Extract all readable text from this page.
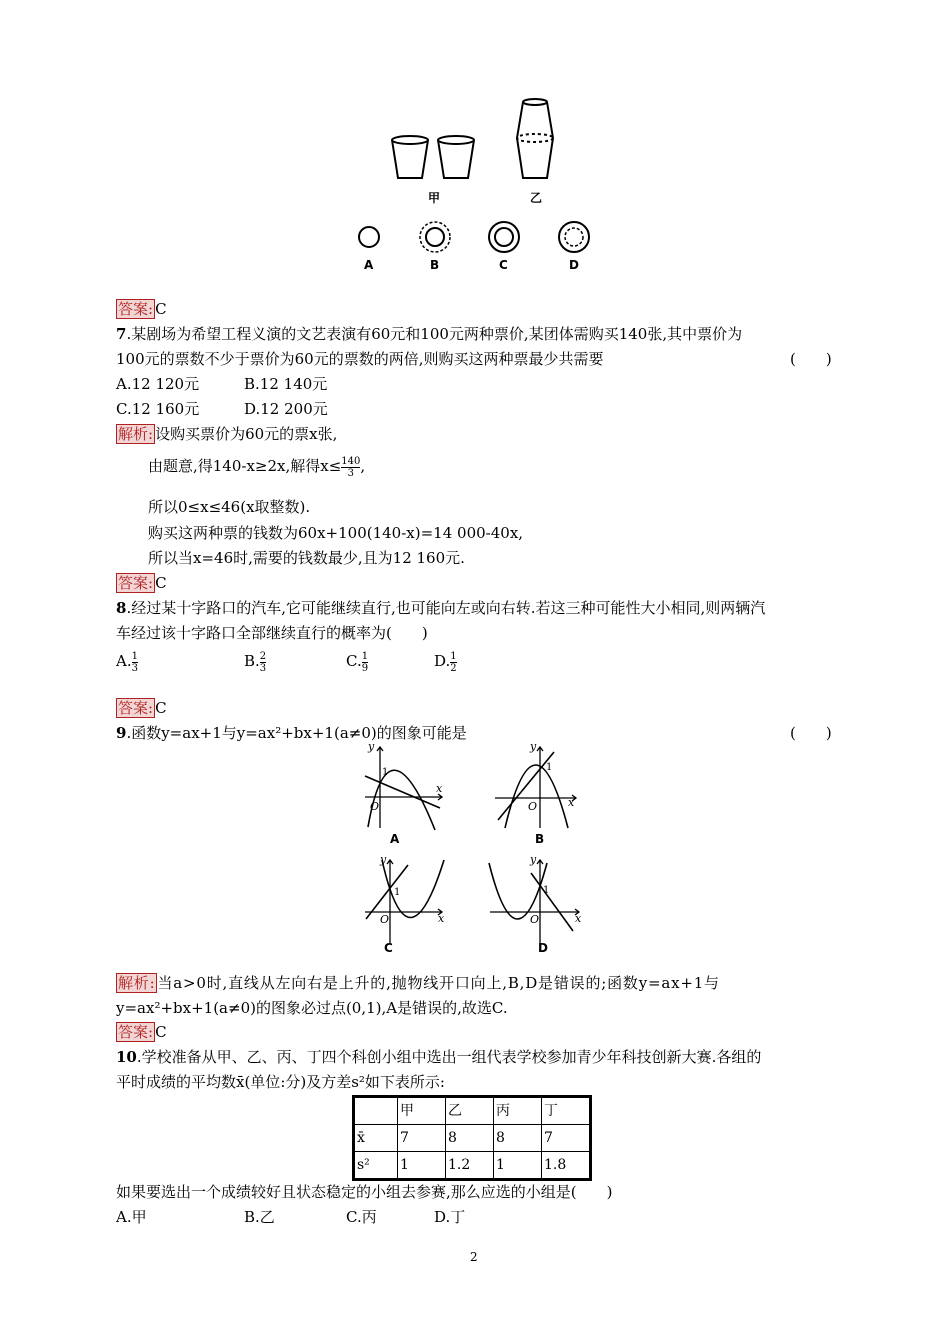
甲	乙
A	B	C	D
答案: C
7.某剧场为希望工程义演的文艺表演有60元和100元两种票价,某团体需购买140张,其中票价为
100元的票数不少于票价为60元的票数的两倍,则购买这两种票最少共需要	(　　)
A.12 120元	B.12 140元
C.12 160元	D.12 200元
解析: 设购买票价为60元的票x张,
由题意,得140-x≥2x,解得$x\le \frac{140}{3}$ ,
所以0≤x≤46(x取整数).
购买这两种票的钱数为60x+100(140-x)=14 000-40x,
所以当x=46时,需要的钱数最少,且为12 160元.
答案: C
8.经过某十字路口的汽车,它可能继续直行,也可能向左或向右转.若这三种可能性大小相同,则两辆汽
车经过该十字路口全部继续直行的概率为(　　)
A. $\frac{1}{3}$	B. $\frac{2}{3}$	C. $\frac{1}{9}$	D. $\frac{1}{2}$
答案: C
9.函数y=ax+1与y=ax²+bx+1(a≠0)的图象可能是	(　　)
x
y
O
1
A
x
y
O
1
B
x
y
O
1
C
x
y
O
1
D
解析: 当a>0时,直线从左向右是上升的,抛物线开口向上,B,D是错误的;函数y=ax+1与
y=ax²+bx+1(a≠0)的图象必过点(0,1),A是错误的,故选C.
答案: C
10.学校准备从甲、乙、丙、丁四个科创小组中选出一组代表学校参加青少年科技创新大赛.各组的
平时成绩的平均数x̄(单位:分)及方差s²如下表所示:
	甲	乙	丙	丁
x̄	7	8	8	7
s²	1	1.2	1	1.8
如果要选出一个成绩较好且状态稳定的小组去参赛,那么应选的小组是(　　)
A.甲	B.乙	C.丙	D.丁
2
